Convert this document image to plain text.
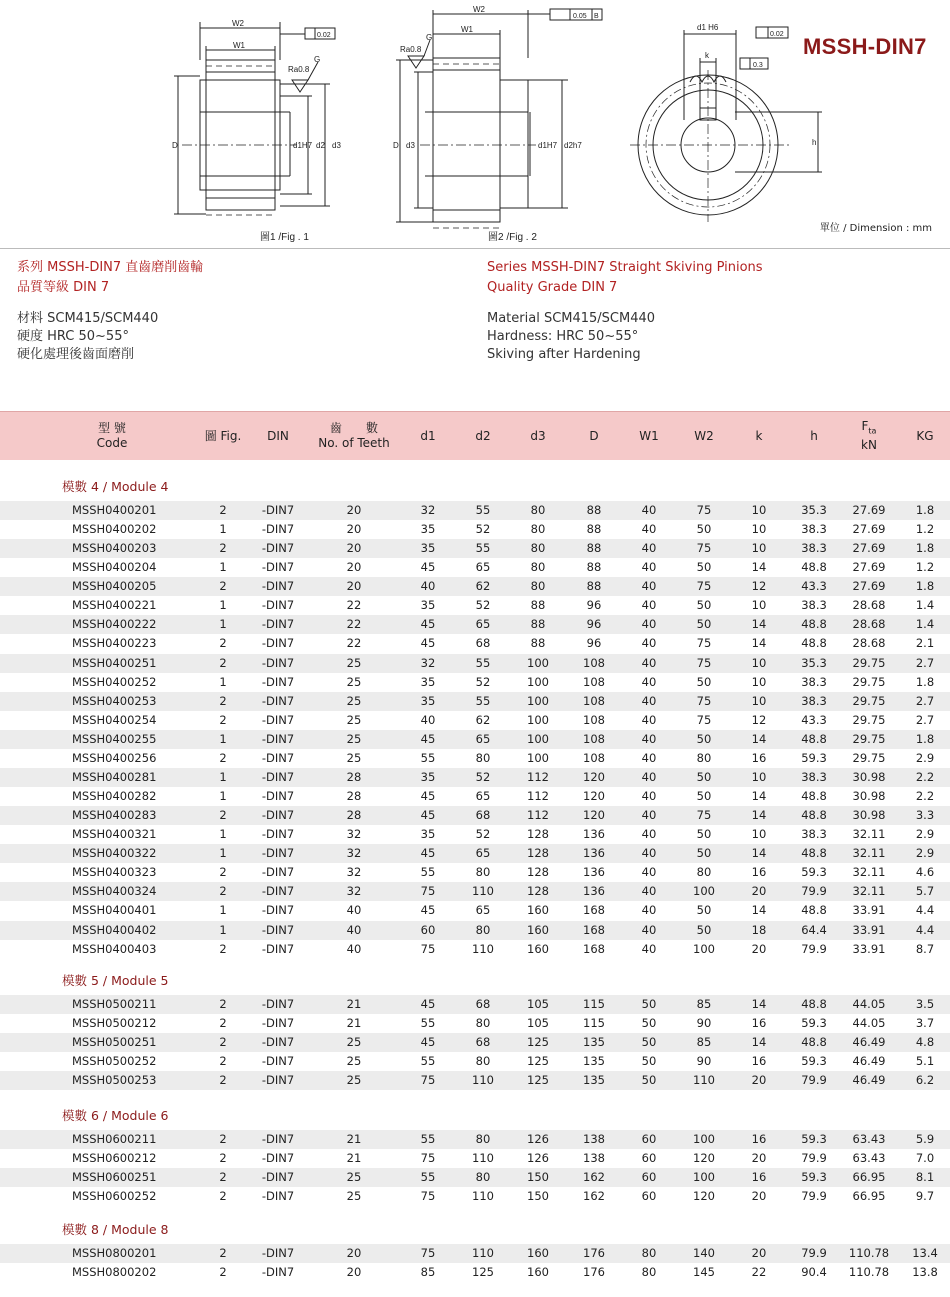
W2
W1
D	d1H7 d2 d3
Ra0.8
G
0.02
W2
W1
D d3	d1H7 d2h7
Ra0.8
G
0.05 B
d1 H6
k
h
0.02
0.3
圖1 /Fig . 1	圖2 /Fig . 2
MSSH-DIN7
單位 / Dimension : mm
系列 MSSH-DIN7 直齒磨削齒輪
品質等級 DIN 7
材料 SCM415/SCM440
硬度 HRC 50~55°
硬化處理後齒面磨削
Series MSSH-DIN7 Straight Skiving Pinions
Quality Grade DIN 7
Material SCM415/SCM440
Hardness: HRC 50~55°
Skiving after Hardening
型 號
Code
圖 Fig.	DIN
齒　　數
No. of Teeth
d1	d2	d3	D	W1	W2	k	h
$F_{ta}$
kN
KG
模數 4 / Module 4
MSSH0400201	2	-DIN7	20	32	55	80	88	40	75	10	35.3	27.69	1.8
MSSH0400202	1	-DIN7	20	35	52	80	88	40	50	10	38.3	27.69	1.2
MSSH0400203	2	-DIN7	20	35	55	80	88	40	75	10	38.3	27.69	1.8
MSSH0400204	1	-DIN7	20	45	65	80	88	40	50	14	48.8	27.69	1.2
MSSH0400205	2	-DIN7	20	40	62	80	88	40	75	12	43.3	27.69	1.8
MSSH0400221	1	-DIN7	22	35	52	88	96	40	50	10	38.3	28.68	1.4
MSSH0400222	1	-DIN7	22	45	65	88	96	40	50	14	48.8	28.68	1.4
MSSH0400223	2	-DIN7	22	45	68	88	96	40	75	14	48.8	28.68	2.1
MSSH0400251	2	-DIN7	25	32	55	100	108	40	75	10	35.3	29.75	2.7
MSSH0400252	1	-DIN7	25	35	52	100	108	40	50	10	38.3	29.75	1.8
MSSH0400253	2	-DIN7	25	35	55	100	108	40	75	10	38.3	29.75	2.7
MSSH0400254	2	-DIN7	25	40	62	100	108	40	75	12	43.3	29.75	2.7
MSSH0400255	1	-DIN7	25	45	65	100	108	40	50	14	48.8	29.75	1.8
MSSH0400256	2	-DIN7	25	55	80	100	108	40	80	16	59.3	29.75	2.9
MSSH0400281	1	-DIN7	28	35	52	112	120	40	50	10	38.3	30.98	2.2
MSSH0400282	1	-DIN7	28	45	65	112	120	40	50	14	48.8	30.98	2.2
MSSH0400283	2	-DIN7	28	45	68	112	120	40	75	14	48.8	30.98	3.3
MSSH0400321	1	-DIN7	32	35	52	128	136	40	50	10	38.3	32.11	2.9
MSSH0400322	1	-DIN7	32	45	65	128	136	40	50	14	48.8	32.11	2.9
MSSH0400323	2	-DIN7	32	55	80	128	136	40	80	16	59.3	32.11	4.6
MSSH0400324	2	-DIN7	32	75	110	128	136	40	100	20	79.9	32.11	5.7
MSSH0400401	1	-DIN7	40	45	65	160	168	40	50	14	48.8	33.91	4.4
MSSH0400402	1	-DIN7	40	60	80	160	168	40	50	18	64.4	33.91	4.4
MSSH0400403	2	-DIN7	40	75	110	160	168	40	100	20	79.9	33.91	8.7
模數 5 / Module 5
MSSH0500211	2	-DIN7	21	45	68	105	115	50	85	14	48.8	44.05	3.5
MSSH0500212	2	-DIN7	21	55	80	105	115	50	90	16	59.3	44.05	3.7
MSSH0500251	2	-DIN7	25	45	68	125	135	50	85	14	48.8	46.49	4.8
MSSH0500252	2	-DIN7	25	55	80	125	135	50	90	16	59.3	46.49	5.1
MSSH0500253	2	-DIN7	25	75	110	125	135	50	110	20	79.9	46.49	6.2
模數 6 / Module 6
MSSH0600211	2	-DIN7	21	55	80	126	138	60	100	16	59.3	63.43	5.9
MSSH0600212	2	-DIN7	21	75	110	126	138	60	120	20	79.9	63.43	7.0
MSSH0600251	2	-DIN7	25	55	80	150	162	60	100	16	59.3	66.95	8.1
MSSH0600252	2	-DIN7	25	75	110	150	162	60	120	20	79.9	66.95	9.7
模數 8 / Module 8
MSSH0800201	2	-DIN7	20	75	110	160	176	80	140	20	79.9	110.78	13.4
MSSH0800202	2	-DIN7	20	85	125	160	176	80	145	22	90.4	110.78	13.8
